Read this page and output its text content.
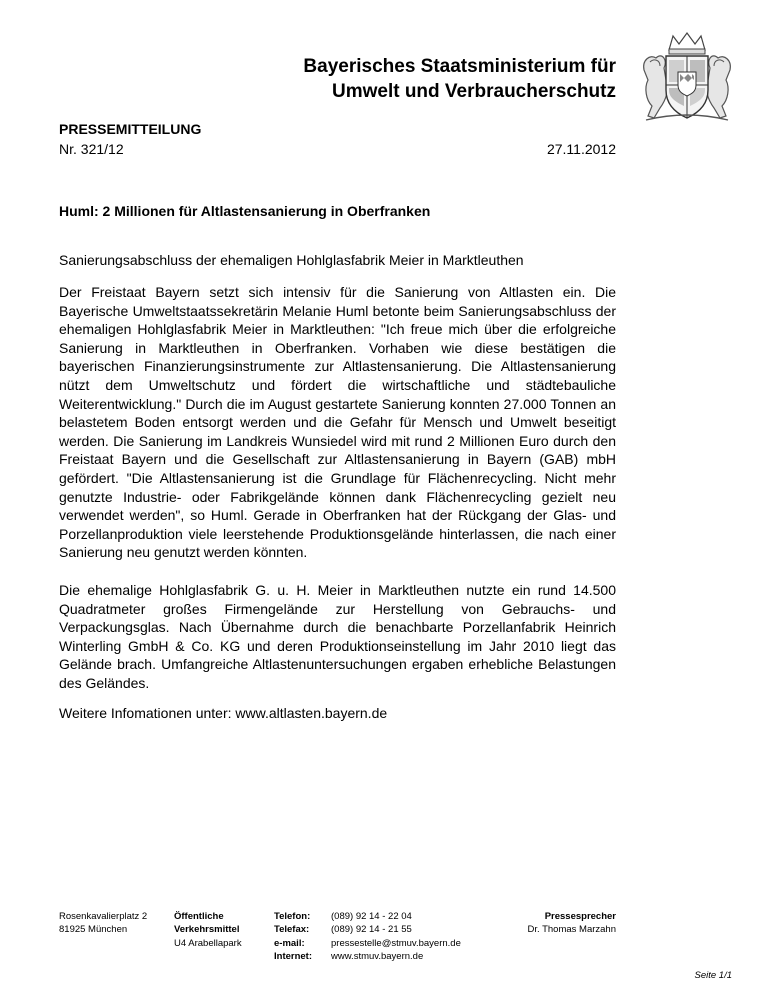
Bayerisches Staatsministerium für
Umwelt und Verbraucherschutz
PRESSEMITTEILUNG
Nr. 321/12	27.11.2012
Huml: 2 Millionen für Altlastensanierung in Oberfranken
Sanierungsabschluss der ehemaligen Hohlglasfabrik Meier in Marktleuthen
Der Freistaat Bayern setzt sich intensiv für die Sanierung von Altlasten ein. Die Bayerische Umweltstaatssekretärin Melanie Huml betonte beim Sanierungsabschluss der ehemaligen Hohlglasfabrik Meier in Marktleuthen: "Ich freue mich über die erfolgreiche Sanierung in Marktleuthen in Oberfranken. Vorhaben wie diese bestätigen die bayerischen Finanzierungsinstrumente zur Altlastensanierung. Die Altlastensanierung nützt dem Umweltschutz und fördert die wirtschaftliche und städtebauliche Weiterentwicklung." Durch die im August gestartete Sanierung konnten 27.000 Tonnen an belastetem Boden entsorgt werden und die Gefahr für Mensch und Umwelt beseitigt werden. Die Sanierung im Landkreis Wunsiedel wird mit rund 2 Millionen Euro durch den Freistaat Bayern und die Gesellschaft zur Altlastensanierung in Bayern (GAB) mbH gefördert. "Die Altlastensanierung ist die Grundlage für Flächenrecycling. Nicht mehr genutzte Industrie- oder Fabrikgelände können dank Flächenrecycling gezielt neu verwendet werden", so Huml. Gerade in Oberfranken hat der Rückgang der Glas- und Porzellanproduktion viele leerstehende Produktionsgelände hinterlassen, die nach einer Sanierung neu genutzt werden könnten.
Die ehemalige Hohlglasfabrik G. u. H. Meier in Marktleuthen nutzte ein rund 14.500 Quadratmeter großes Firmengelände zur Herstellung von Gebrauchs- und Verpackungsglas. Nach Übernahme durch die benachbarte Porzellanfabrik Heinrich Winterling GmbH & Co. KG und deren Produktionseinstellung im Jahr 2010 liegt das Gelände brach. Umfangreiche Altlastenuntersuchungen ergaben erhebliche Belastungen des Geländes.
Weitere Infomationen unter: www.altlasten.bayern.de
Rosenkavalierplatz 2
81925 München
Öffentliche
Verkehrsmittel
U4 Arabellapark
Telefon:
Telefax:
e-mail:
Internet:
(089) 92 14 - 22 04
(089) 92 14 - 21 55
pressestelle@stmuv.bayern.de
www.stmuv.bayern.de
Pressesprecher
Dr. Thomas Marzahn
Seite 1/1
